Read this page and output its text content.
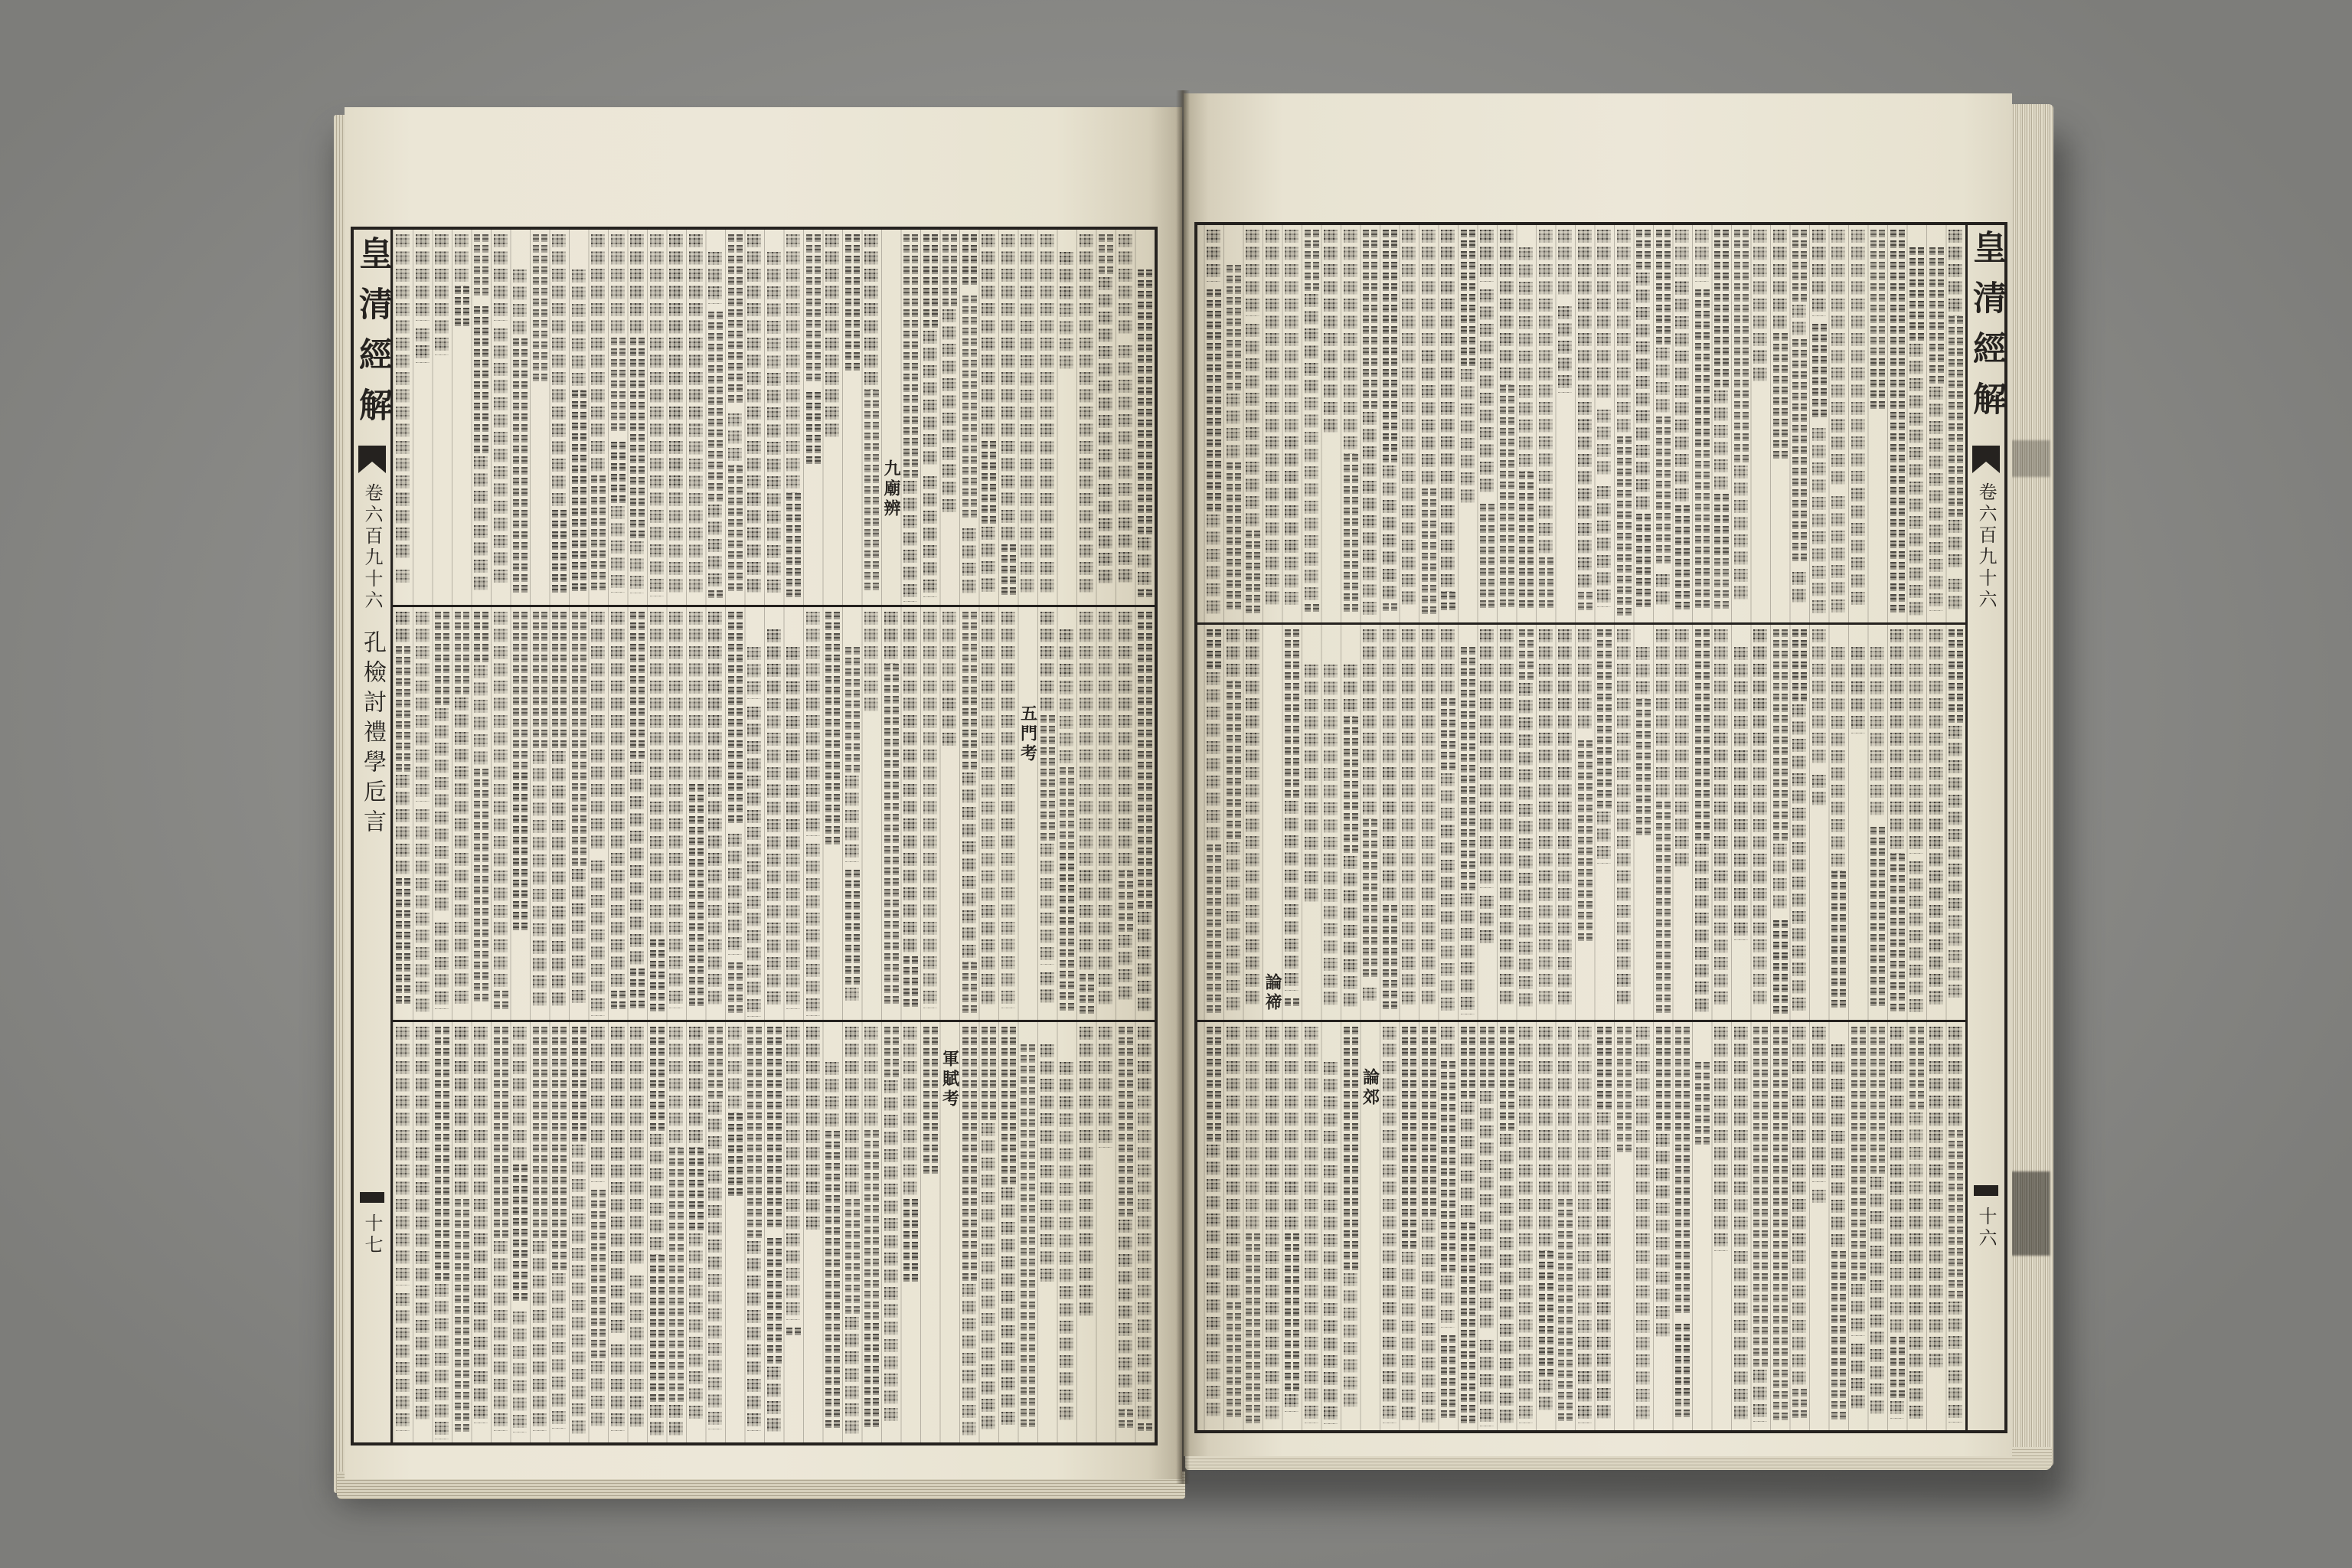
皇清經解
卷六百九十六
孔檢討禮學卮言
十七
九廟辨
五門考
軍賦考
論禘
論郊
皇清經解
卷六百九十六
十六
